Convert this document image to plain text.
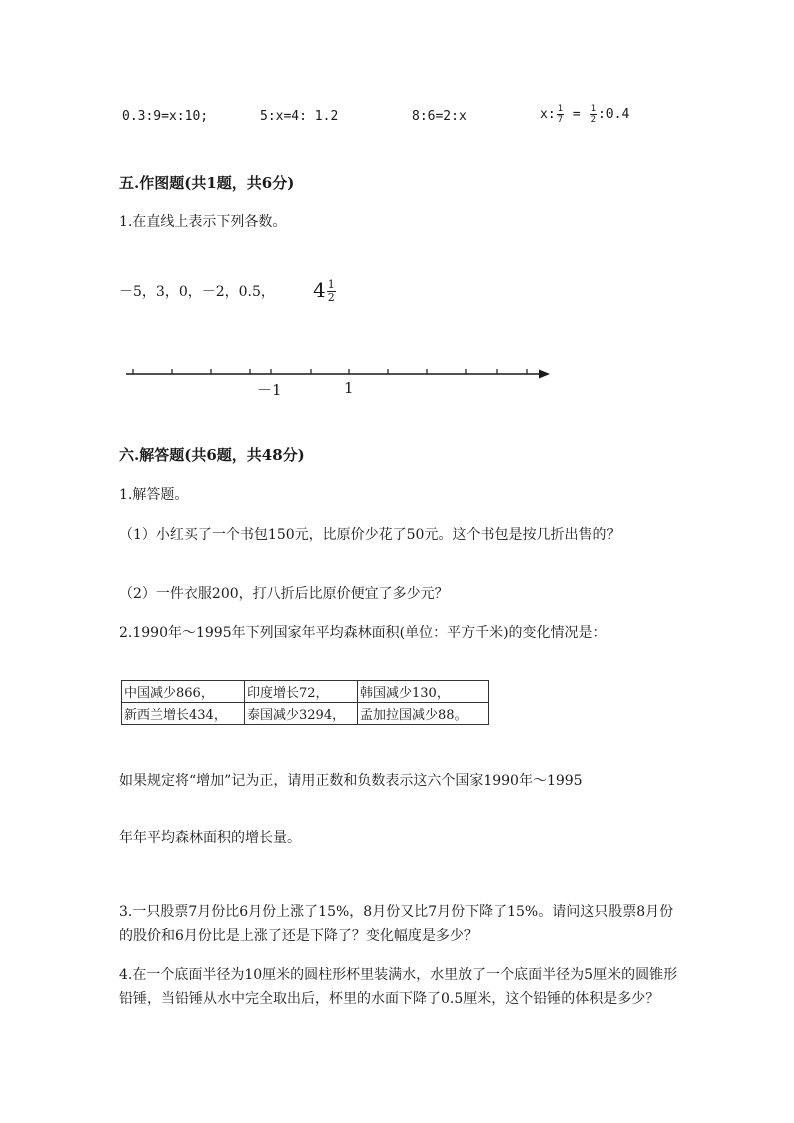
0.3:9=x:10;	5:x=4: 1.2	8:6=2:x	x: $\frac{1}{7} = \frac{1}{2}$ :0.4
五.作图题(共1题，共6分)
1.在直线上表示下列各数。
－5，3，0，－2，0.5， $4 \frac{1}{2}$
－1	1
六.解答题(共6题，共48分)
1.解答题。
（1）小红买了一个书包150元，比原价少花了50元。这个书包是按几折出售的？
（2）一件衣服200，打八折后比原价便宜了多少元？
2.1990年～1995年下列国家年平均森林面积(单位：平方千米)的变化情况是：
中国减少866，	印度增长72，	韩国减少130，
新西兰增长434，	泰国减少3294，	孟加拉国减少88。
如果规定将“增加”记为正，请用正数和负数表示这六个国家1990年～1995
年年平均森林面积的增长量。
3.一只股票7月份比6月份上涨了15%，8月份又比7月份下降了15%。请问这只股票8月份的股价和6月份比是上涨了还是下降了？变化幅度是多少？
4.在一个底面半径为10厘米的圆柱形杯里装满水，水里放了一个底面半径为5厘米的圆锥形铅锤，当铅锤从水中完全取出后，杯里的水面下降了0.5厘米，这个铅锤的体积是多少？
